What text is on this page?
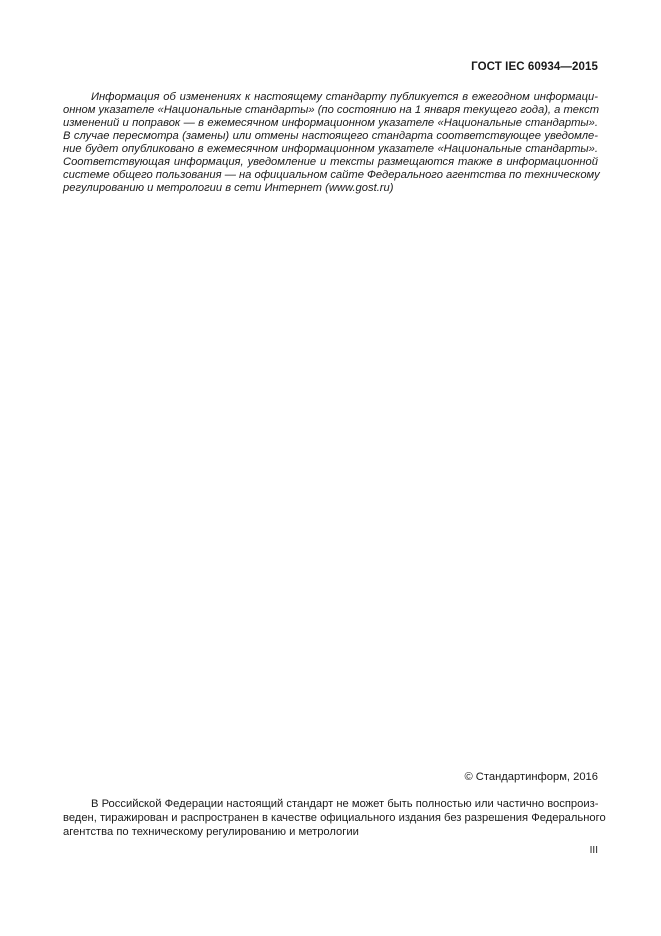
ГОСТ IEC 60934—2015
Информация об изменениях к настоящему стандарту публикуется в ежегодном информаци-
онном указателе «Национальные стандарты» (по состоянию на 1 января текущего года), а текст
изменений и поправок — в ежемесячном информационном указателе «Национальные стандарты».
В случае пересмотра (замены) или отмены настоящего стандарта соответствующее уведомле-
ние будет опубликовано в ежемесячном информационном указателе «Национальные стандарты».
Соответствующая информация, уведомление и тексты размещаются также в информационной
системе общего пользования — на официальном сайте Федерального агентства по техническому
регулированию и метрологии в сети Интернет (www.gost.ru)
© Стандартинформ, 2016
В Российской Федерации настоящий стандарт не может быть полностью или частично воспроиз-
веден, тиражирован и распространен в качестве официального издания без разрешения Федерального
агентства по техническому регулированию и метрологии
III
